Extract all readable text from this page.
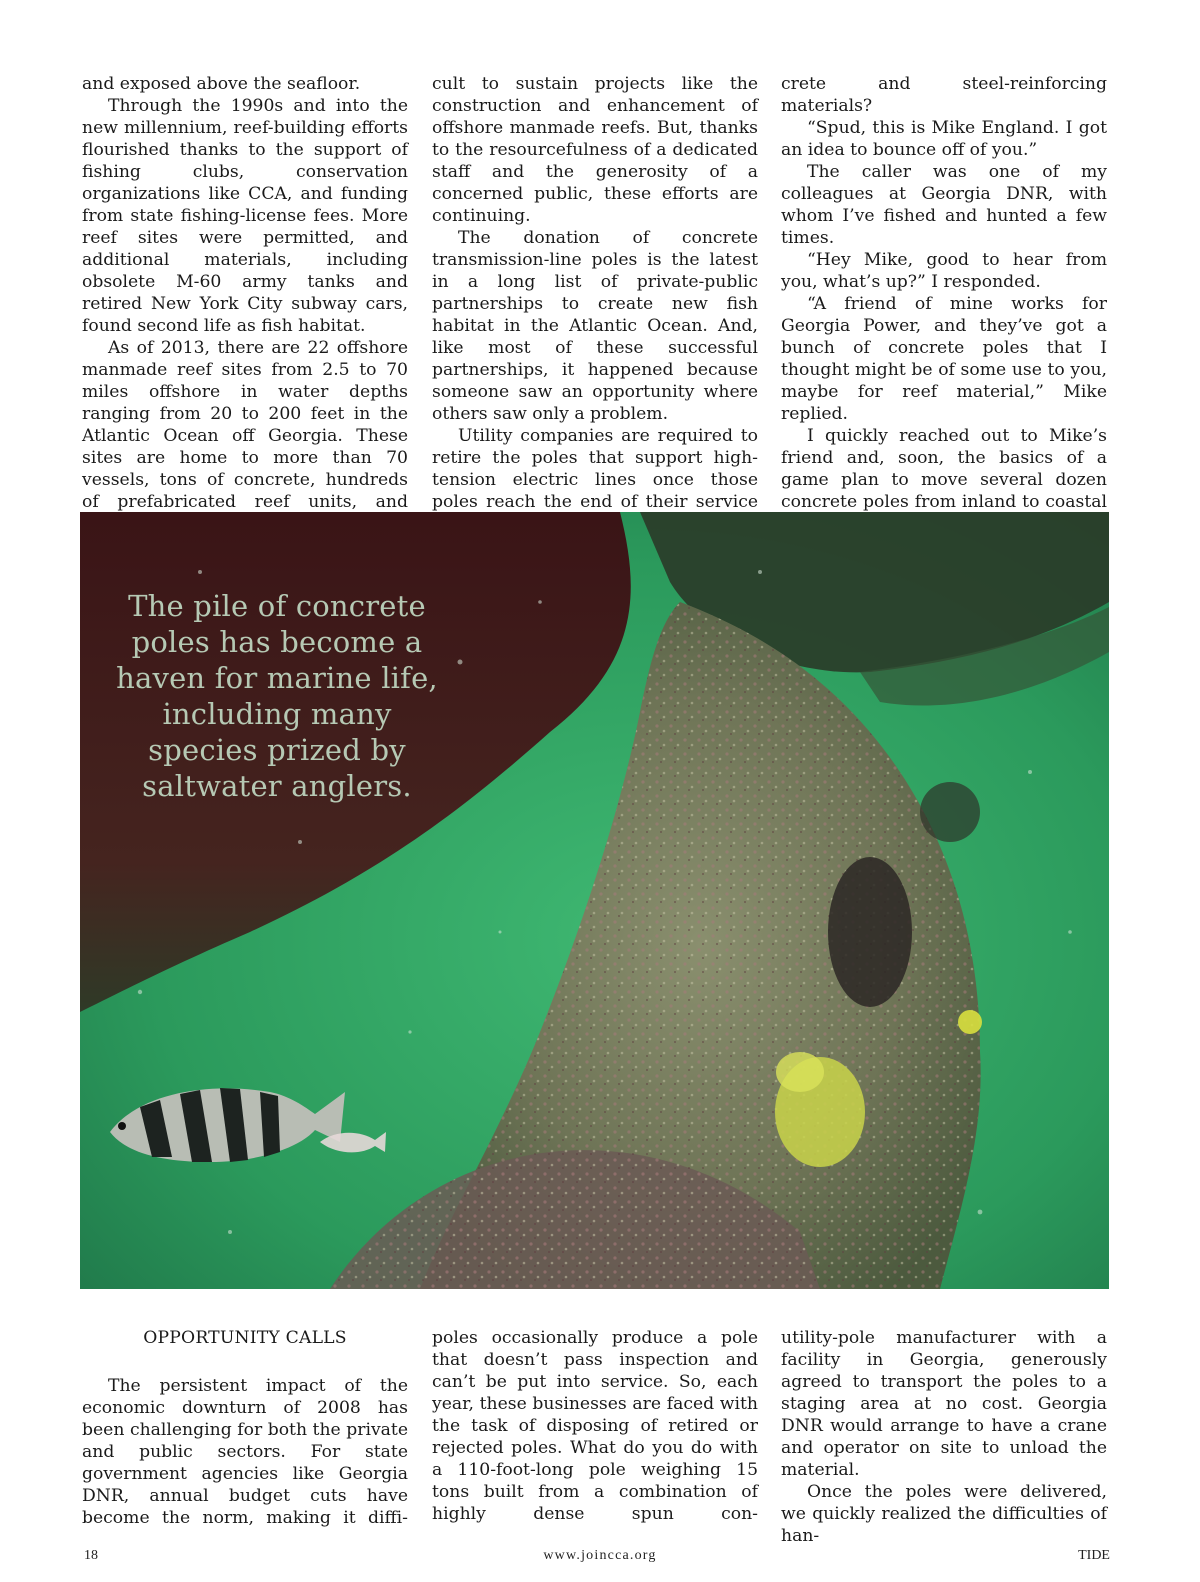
and exposed above the seafloor.

Through the 1990s and into the new millennium, reef-building efforts flourished thanks to the support of fishing clubs, conservation organizations like CCA, and funding from state fishing-license fees. More reef sites were permitted, and additional materials, including obsolete M-60 army tanks and retired New York City subway cars, found second life as fish habitat.

As of 2013, there are 22 offshore manmade reef sites from 2.5 to 70 miles offshore in water depths ranging from 20 to 200 feet in the Atlantic Ocean off Georgia. These sites are home to more than 70 vessels, tons of concrete, hundreds of prefabricated reef units, and

cult to sustain projects like the construction and enhancement of offshore manmade reefs. But, thanks to the resourcefulness of a dedicated staff and the generosity of a concerned public, these efforts are continuing.

The donation of concrete transmission-line poles is the latest in a long list of private-public partnerships to create new fish habitat in the Atlantic Ocean. And, like most of these successful partnerships, it happened because someone saw an opportunity where others saw only a problem.

Utility companies are required to retire the poles that support high-tension electric lines once those poles reach the end of their service

crete and steel-reinforcing materials?

“Spud, this is Mike England. I got an idea to bounce off of you.”

The caller was one of my colleagues at Georgia DNR, with whom I’ve fished and hunted a few times.

“Hey Mike, good to hear from you, what’s up?” I responded.

“A friend of mine works for Georgia Power, and they’ve got a bunch of concrete poles that I thought might be of some use to you, maybe for reef material,” Mike replied.

I quickly reached out to Mike’s friend and, soon, the basics of a game plan to move several dozen concrete poles from inland to coastal

The pile of concrete poles has become a haven for marine life, including many species prized by saltwater anglers.

OPPORTUNITY CALLS

The persistent impact of the economic downturn of 2008 has been challenging for both the private and public sectors. For state government agencies like Georgia DNR, annual budget cuts have become the norm, making it diffi-

poles occasionally produce a pole that doesn’t pass inspection and can’t be put into service. So, each year, these businesses are faced with the task of disposing of retired or rejected poles. What do you do with a 110-foot-long pole weighing 15 tons built from a combination of highly dense spun con-

utility-pole manufacturer with a facility in Georgia, generously agreed to transport the poles to a staging area at no cost. Georgia DNR would arrange to have a crane and operator on site to unload the material.

Once the poles were delivered, we quickly realized the difficulties of han-

18	www.joincca.org	TIDE
